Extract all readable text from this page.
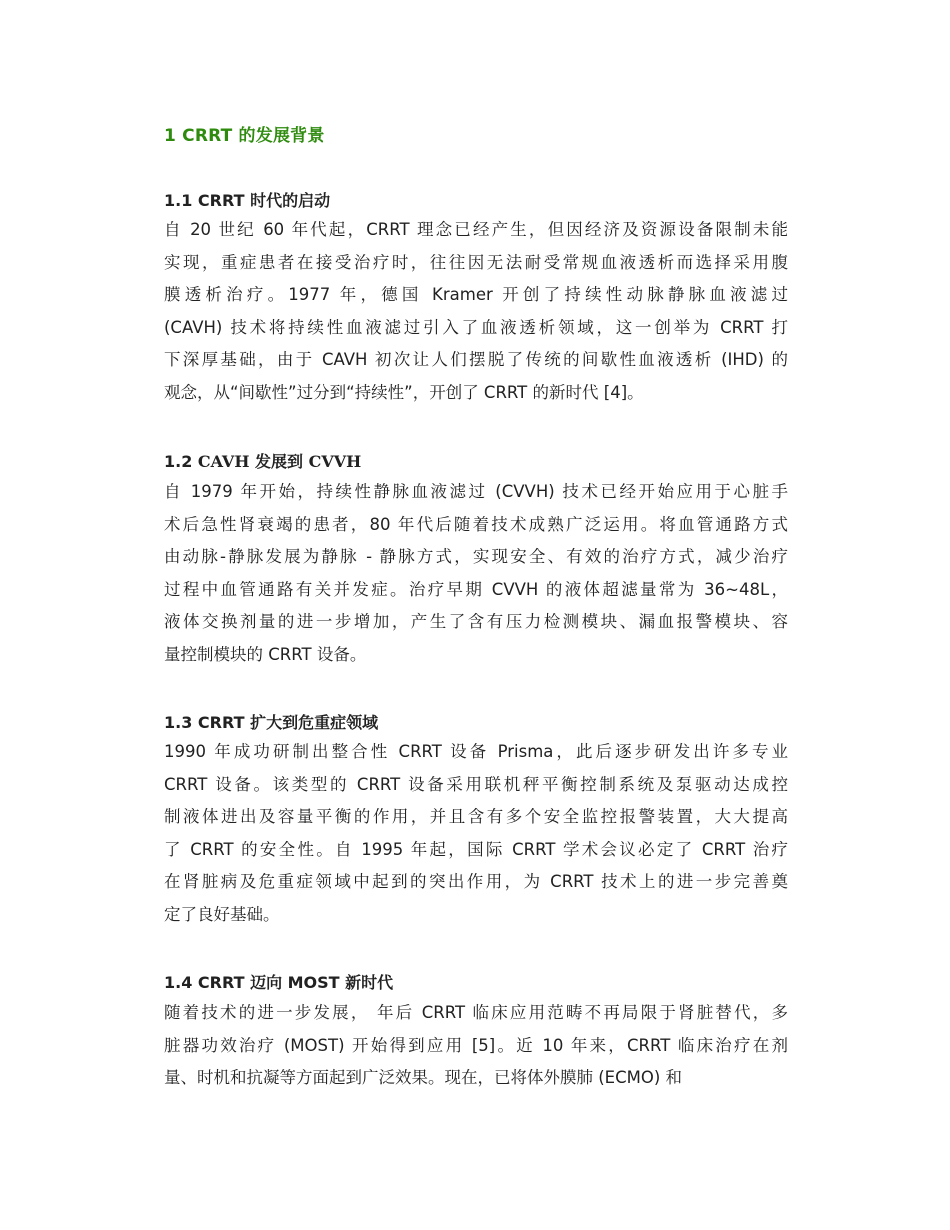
1 CRRT 的发展背景
1.1 CRRT 时代的启动
自 20 世纪 60 年代起，CRRT 理念已经产生，但因经济及资源设备限制未能
实现，重症患者在接受治疗时，往往因无法耐受常规血液透析而选择采用腹
膜透析治疗。1977 年，德国 Kramer 开创了持续性动脉静脉血液滤过
(CAVH) 技术将持续性血液滤过引入了血液透析领域，这一创举为 CRRT 打
下深厚基础，由于 CAVH 初次让人们摆脱了传统的间歇性血液透析 (IHD) 的
观念，从“间歇性”过分到“持续性”，开创了 CRRT 的新时代 [4]。
1.2 CAVH 发展到 CVVH
自 1979 年开始，持续性静脉血液滤过 (CVVH) 技术已经开始应用于心脏手
术后急性肾衰竭的患者，80 年代后随着技术成熟广泛运用。将血管通路方式
由动脉-静脉发展为静脉 - 静脉方式，实现安全、有效的治疗方式，减少治疗
过程中血管通路有关并发症。治疗早期 CVVH 的液体超滤量常为 36~48L，
液体交换剂量的进一步增加，产生了含有压力检测模块、漏血报警模块、容
量控制模块的 CRRT 设备。
1.3 CRRT 扩大到危重症领域
1990 年成功研制出整合性 CRRT 设备 Prisma，此后逐步研发出许多专业
CRRT 设备。该类型的 CRRT 设备采用联机秤平衡控制系统及泵驱动达成控
制液体进出及容量平衡的作用，并且含有多个安全监控报警装置，大大提高
了 CRRT 的安全性。自 1995 年起，国际 CRRT 学术会议必定了 CRRT 治疗
在肾脏病及危重症领域中起到的突出作用，为 CRRT 技术上的进一步完善奠
定了良好基础。
1.4 CRRT 迈向 MOST 新时代
随着技术的进一步发展， 年后 CRRT 临床应用范畴不再局限于肾脏替代，多
脏器功效治疗 (MOST) 开始得到应用 [5]。近 10 年来，CRRT 临床治疗在剂
量、时机和抗凝等方面起到广泛效果。现在，已将体外膜肺 (ECMO) 和
